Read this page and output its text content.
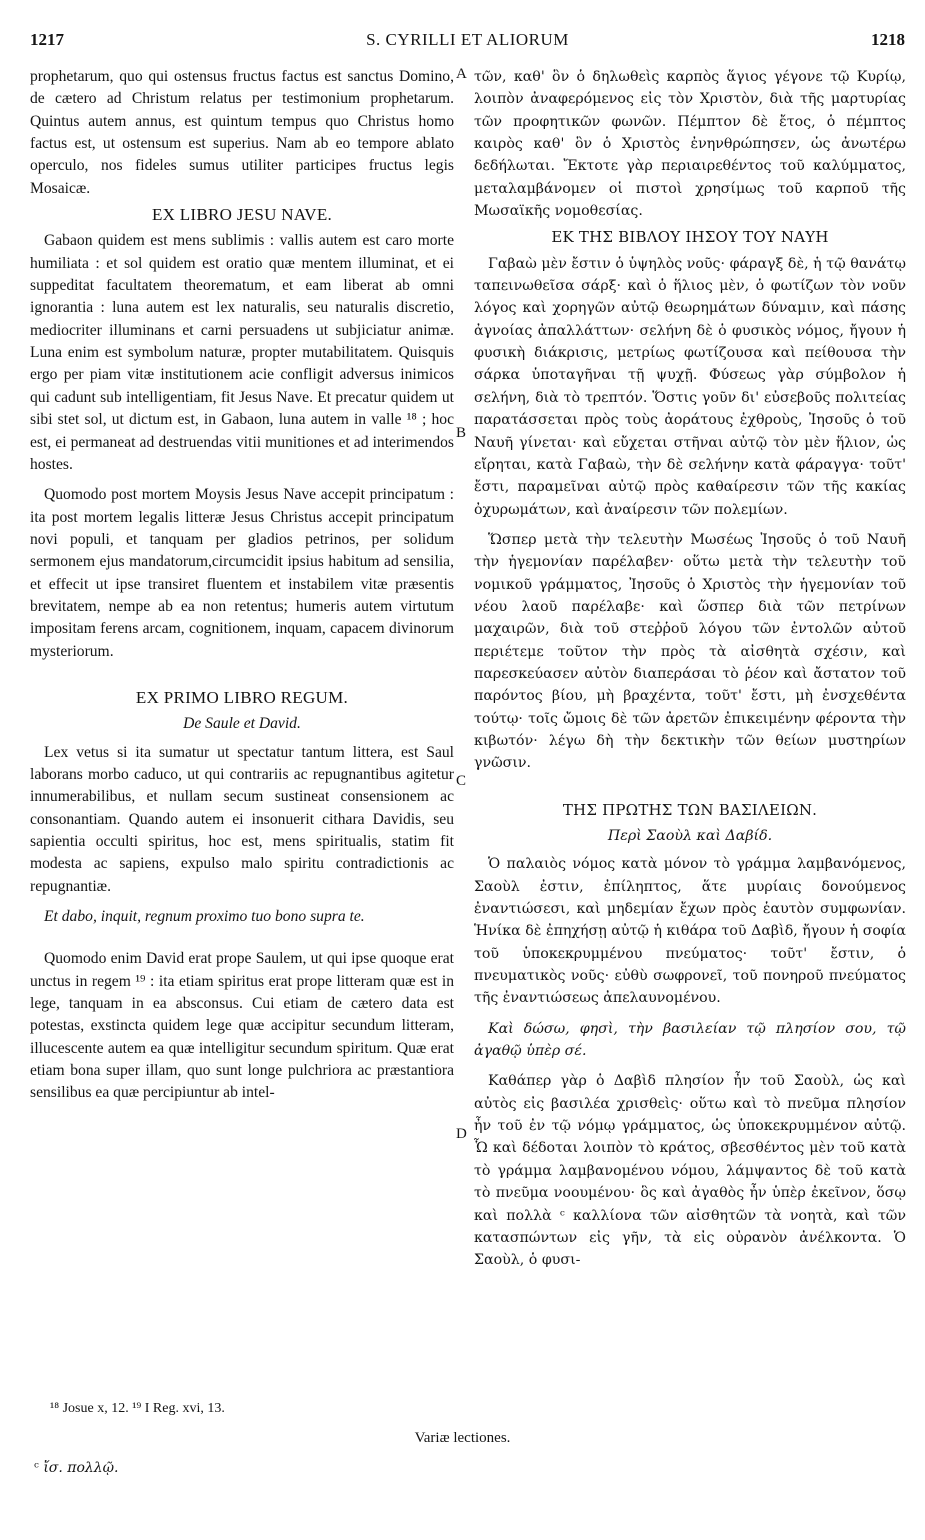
1217	S. CYRILLI ET ALIORUM	1218

prophetarum, quo qui ostensus fructus factus est sanctus Domino, de cætero ad Christum relatus per testimonium prophetarum. Quintus autem annus, est quintum tempus quo Christus homo factus est, ut ostensum est superius. Nam ab eo tempore ablato operculo, nos fideles sumus utiliter participes fructus legis Mosaicæ.

EX LIBRO JESU NAVE.

Gabaon quidem est mens sublimis : vallis autem est caro morte humiliata : et sol quidem est oratio quæ mentem illuminat, et ei suppeditat facultatem theorematum, et eam liberat ab omni ignorantia : luna autem est lex naturalis, seu naturalis discretio, mediocriter illuminans et carni persuadens ut subjiciatur animæ. Luna enim est symbolum naturæ, propter mutabilitatem. Quisquis ergo per piam vitæ institutionem acie confligit adversus inimicos qui cadunt sub intelligentiam, fit Jesus Nave. Et precatur quidem ut sibi stet sol, ut dictum est, in Gabaon, luna autem in valle ¹⁸ ; hoc est, ei permaneat ad destruendas vitii munitiones et ad interimendos hostes.

Quomodo post mortem Moysis Jesus Nave accepit principatum : ita post mortem legalis litteræ Jesus Christus accepit principatum novi populi, et tanquam per gladios petrinos, per solidum sermonem ejus mandatorum,circumcidit ipsius habitum ad sensilia, et effecit ut ipse transiret fluentem et instabilem vitæ præsentis brevitatem, nempe ab ea non retentus; humeris autem virtutum impositam ferens arcam, cognitionem, inquam, capacem divinorum mysteriorum.

EX PRIMO LIBRO REGUM.
De Saule et David.

Lex vetus si ita sumatur ut spectatur tantum littera, est Saul laborans morbo caduco, ut qui contrariis ac repugnantibus agitetur innumerabilibus, et nullam secum sustineat consensionem ac consonantiam. Quando autem ei insonuerit cithara Davidis, seu sapientia occulti spiritus, hoc est, mens spiritualis, statim fit modesta ac sapiens, expulso malo spiritu contradictionis ac repugnantiæ.

Et dabo, inquit, regnum proximo tuo bono supra te.

Quomodo enim David erat prope Saulem, ut qui ipse quoque erat unctus in regem ¹⁹ : ita etiam spiritus erat prope litteram quæ est in lege, tanquam in ea absconsus. Cui etiam de cætero data est potestas, exstincta quidem lege quæ accipitur secundum litteram, illucescente autem ea quæ intelligitur secundum spiritum. Quæ erat etiam bona super illam, quo sunt longe pulchriora ac præstantiora sensilibus ea quæ percipiuntur ab intel-

A
B
C
D

τῶν, καθ' ὃν ὁ δηλωθεὶς καρπὸς ἅγιος γέγονε τῷ Κυρίῳ, λοιπὸν ἀναφερόμενος εἰς τὸν Χριστὸν, διὰ τῆς μαρτυρίας τῶν προφητικῶν φωνῶν. Πέμπτον δὲ ἔτος, ὁ πέμπτος καιρὸς καθ' ὃν ὁ Χριστὸς ἐνηνθρώπησεν, ὡς ἀνωτέρω δεδήλωται. Ἔκτοτε γὰρ περιαιρεθέντος τοῦ καλύμματος, μεταλαμβάνομεν οἱ πιστοὶ χρησίμως τοῦ καρποῦ τῆς Μωσαϊκῆς νομοθεσίας.

ΕΚ ΤΗΣ ΒΙΒΛΟΥ ΙΗΣΟΥ ΤΟΥ ΝΑΥΗ

Γαβαὼ μὲν ἔστιν ὁ ὑψηλὸς νοῦς· φάραγξ δὲ, ἡ τῷ θανάτῳ ταπεινωθεῖσα σάρξ· καὶ ὁ ἥλιος μὲν, ὁ φωτίζων τὸν νοῦν λόγος καὶ χορηγῶν αὐτῷ θεωρημάτων δύναμιν, καὶ πάσης ἀγνοίας ἀπαλλάττων· σελήνη δὲ ὁ φυσικὸς νόμος, ἤγουν ἡ φυσικὴ διάκρισις, μετρίως φωτίζουσα καὶ πείθουσα τὴν σάρκα ὑποταγῆναι τῇ ψυχῇ. Φύσεως γὰρ σύμβολον ἡ σελήνη, διὰ τὸ τρεπτόν. Ὅστις γοῦν δι' εὐσεβοῦς πολιτείας παρατάσσεται πρὸς τοὺς ἀοράτους ἐχθροὺς, Ἰησοῦς ὁ τοῦ Ναυῆ γίνεται· καὶ εὔχεται στῆναι αὐτῷ τὸν μὲν ἥλιον, ὡς εἴρηται, κατὰ Γαβαὼ, τὴν δὲ σελήνην κατὰ φάραγγα· τοῦτ' ἔστι, παραμεῖναι αὐτῷ πρὸς καθαίρεσιν τῶν τῆς κακίας ὀχυρωμάτων, καὶ ἀναίρεσιν τῶν πολεμίων.

Ὥσπερ μετὰ τὴν τελευτὴν Μωσέως Ἰησοῦς ὁ τοῦ Ναυῆ τὴν ἡγεμονίαν παρέλαβεν· οὕτω μετὰ τὴν τελευτὴν τοῦ νομικοῦ γράμματος, Ἰησοῦς ὁ Χριστὸς τὴν ἡγεμονίαν τοῦ νέου λαοῦ παρέλαβε· καὶ ὥσπερ διὰ τῶν πετρίνων μαχαιρῶν, διὰ τοῦ στεῤῥοῦ λόγου τῶν ἐντολῶν αὐτοῦ περιέτεμε τοῦτον τὴν πρὸς τὰ αἰσθητὰ σχέσιν, καὶ παρεσκεύασεν αὐτὸν διαπεράσαι τὸ ῥέον καὶ ἄστατον τοῦ παρόντος βίου, μὴ βραχέντα, τοῦτ' ἔστι, μὴ ἐνσχεθέντα τούτῳ· τοῖς ὤμοις δὲ τῶν ἀρετῶν ἐπικειμένην φέροντα τὴν κιβωτόν· λέγω δὴ τὴν δεκτικὴν τῶν θείων μυστηρίων γνῶσιν.

ΤΗΣ ΠΡΩΤΗΣ ΤΩΝ ΒΑΣΙΛΕΙΩΝ.
Περὶ Σαοὺλ καὶ Δαβίδ.

Ὁ παλαιὸς νόμος κατὰ μόνον τὸ γράμμα λαμβανόμενος, Σαοὺλ ἐστιν, ἐπίληπτος, ἅτε μυρίαις δονούμενος ἐναντιώσεσι, καὶ μηδεμίαν ἔχων πρὸς ἑαυτὸν συμφωνίαν. Ἡνίκα δὲ ἐπηχήσῃ αὐτῷ ἡ κιθάρα τοῦ Δαβὶδ, ἤγουν ἡ σοφία τοῦ ὑποκεκρυμμένου πνεύματος· τοῦτ' ἔστιν, ὁ πνευματικὸς νοῦς· εὐθὺ σωφρονεῖ, τοῦ πονηροῦ πνεύματος τῆς ἐναντιώσεως ἀπελαυνομένου.

Καὶ δώσω, φησὶ, τὴν βασιλείαν τῷ πλησίον σου, τῷ ἀγαθῷ ὑπὲρ σέ.

Καθάπερ γὰρ ὁ Δαβὶδ πλησίον ἦν τοῦ Σαοὺλ, ὡς καὶ αὐτὸς εἰς βασιλέα χρισθεὶς· οὕτω καὶ τὸ πνεῦμα πλησίον ἦν τοῦ ἐν τῷ νόμῳ γράμματος, ὡς ὑποκεκρυμμένον αὐτῷ. Ὧ καὶ δέδοται λοιπὸν τὸ κράτος, σβεσθέντος μὲν τοῦ κατὰ τὸ γράμμα λαμβανομένου νόμου, λάμψαντος δὲ τοῦ κατὰ τὸ πνεῦμα νοουμένου· ὃς καὶ ἀγαθὸς ἦν ὑπὲρ ἐκεῖνον, ὅσῳ καὶ πολλὰ ᶜ καλλίονα τῶν αἰσθητῶν τὰ νοητὰ, καὶ τῶν κατασπώντων εἰς γῆν, τὰ εἰς οὐρανὸν ἀνέλκοντα. Ὁ Σαοὺλ, ὁ φυσι-

¹⁸ Josue x, 12. ¹⁹ I Reg. xvi, 13.
Variæ lectiones.
ᶜ ἴσ. πολλῷ.
